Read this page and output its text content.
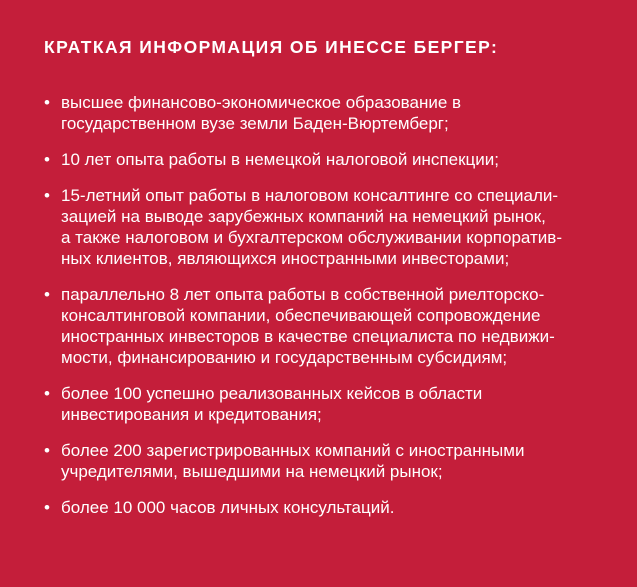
КРАТКАЯ ИНФОРМАЦИЯ ОБ ИНЕССЕ БЕРГЕР:
• высшее финансово-экономическое образование в
государственном вузе земли Баден-Вюртемберг;
• 10 лет опыта работы в немецкой налоговой инспекции;
• 15-летний опыт работы в налоговом консалтинге со специали-
зацией на выводе зарубежных компаний на немецкий рынок,
а также налоговом и бухгалтерском обслуживании корпоратив-
ных клиентов, являющихся иностранными инвесторами;
• параллельно 8 лет опыта работы в собственной риелторско-
консалтинговой компании, обеспечивающей сопровождение
иностранных инвесторов в качестве специалиста по недвижи-
мости, финансированию и государственным субсидиям;
• более 100 успешно реализованных кейсов в области
инвестирования и кредитования;
• более 200 зарегистрированных компаний с иностранными
учредителями, вышедшими на немецкий рынок;
• более 10 000 часов личных консультаций.
